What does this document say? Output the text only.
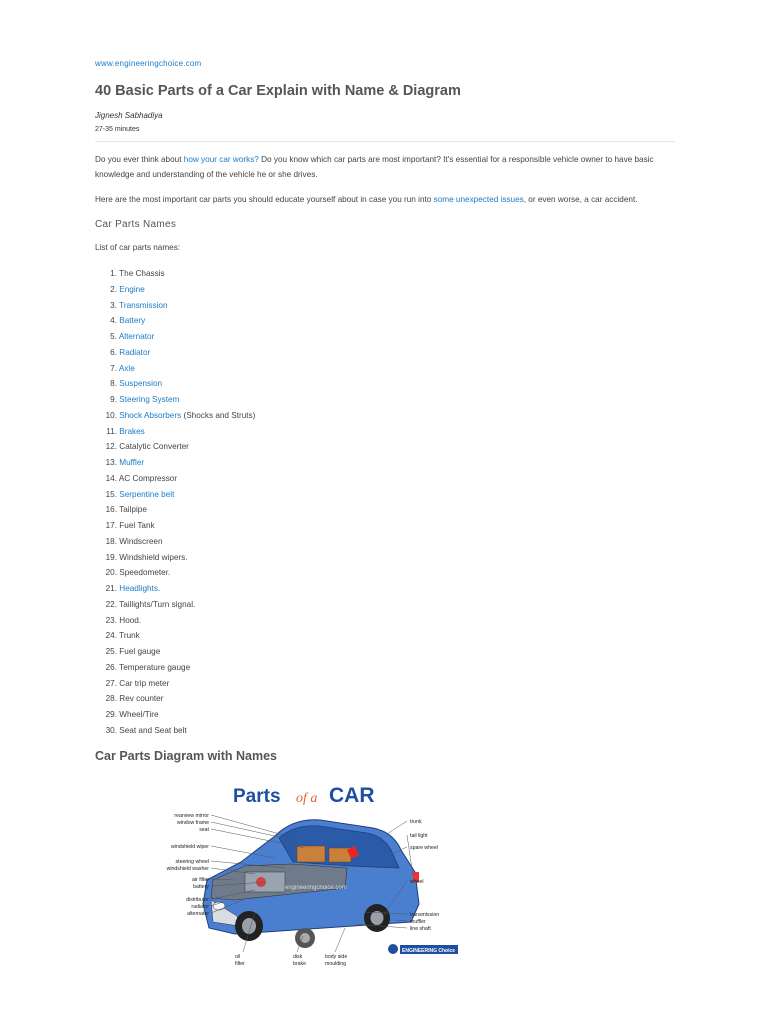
www.engineeringchoice.com
40 Basic Parts of a Car Explain with Name & Diagram
Jignesh Sabhadiya
27-35 minutes

Do you ever think about how your car works? Do you know which car parts are most important? It's essential for a responsible vehicle owner to have basic knowledge and understanding of the vehicle he or she drives.

Here are the most important car parts you should educate yourself about in case you run into some unexpected issues, or even worse, a car accident.

Car Parts Names
List of car parts names:
1. The Chassis
2. Engine
3. Transmission
4. Battery
5. Alternator
6. Radiator
7. Axle
8. Suspension
9. Steering System
10. Shock Absorbers (Shocks and Struts)
11. Brakes
12. Catalytic Converter
13. Muffler
14. AC Compressor
15. Serpentine belt
16. Tailpipe
17. Fuel Tank
18. Windscreen
19. Windshield wipers.
20. Speedometer.
21. Headlights.
22. Taillights/Turn signal.
23. Hood.
24. Trunk
25. Fuel gauge
26. Temperature gauge
27. Car trip meter
28. Rev counter
29. Wheel/Tire
30. Seat and Seat belt
Car Parts Diagram with Names
Parts of a CAR
engineeringchoice.com
rearview mirror
window frame
seat
windshield wiper
steering wheel
windshield washer
air filter
battery
distributor
radiator
alternator
trunk
tail light
spare wheel
wheel
transmission
muffler
line shaft
oil
filter
disk
brake
body side
moulding
ENGINEERING Choice
